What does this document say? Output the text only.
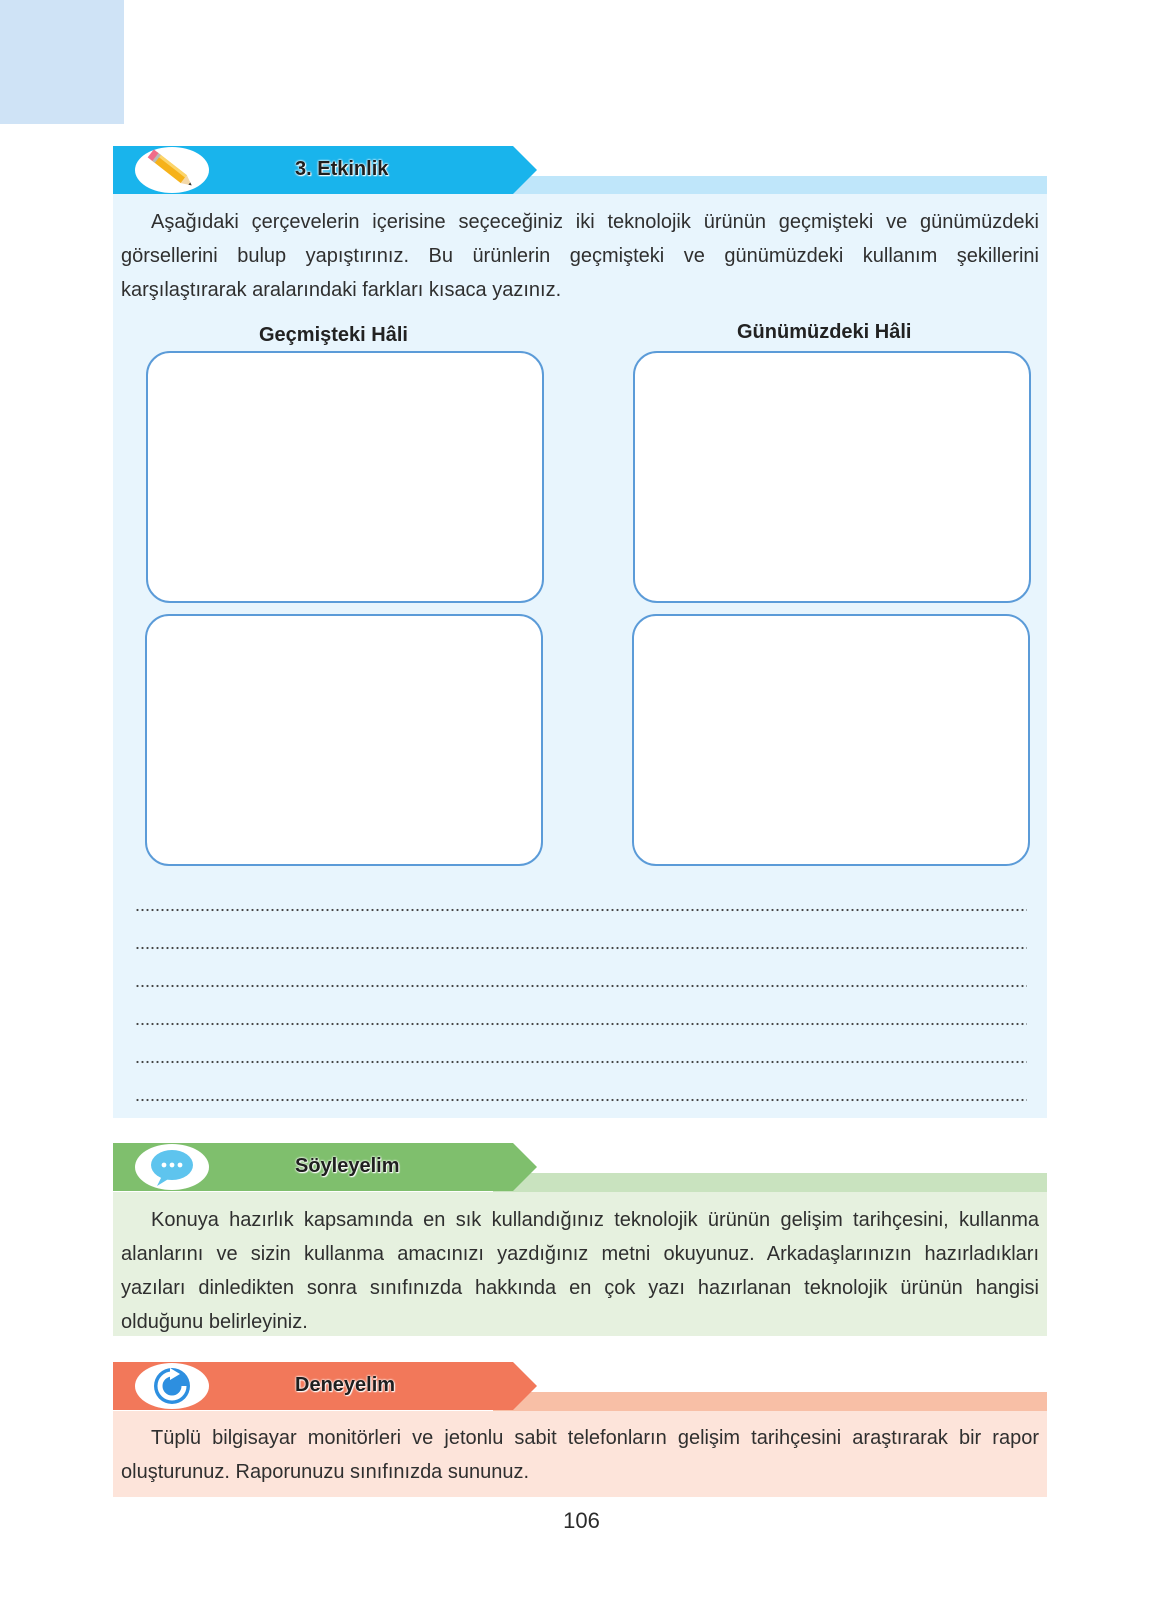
3. Etkinlik
Aşağıdaki çerçevelerin içerisine seçeceğiniz iki teknolojik ürünün geçmişteki ve günümüzdeki görsellerini bulup yapıştırınız. Bu ürünlerin geçmişteki ve günümüzdeki kullanım şekillerini karşılaştırarak aralarındaki farkları kısaca yazınız.
Geçmişteki Hâli	Günümüzdeki Hâli
Söyleyelim
Konuya hazırlık kapsamında en sık kullandığınız teknolojik ürünün gelişim tarihçesini, kullanma alanlarını ve sizin kullanma amacınızı yazdığınız metni okuyunuz. Arkadaşlarınızın hazırladıkları yazıları dinledikten sonra sınıfınızda hakkında en çok yazı hazırlanan teknolojik ürünün hangisi olduğunu belirleyiniz.
Deneyelim
Tüplü bilgisayar monitörleri ve jetonlu sabit telefonların gelişim tarihçesini araştırarak bir rapor oluşturunuz. Raporunuzu sınıfınızda sununuz.
106
